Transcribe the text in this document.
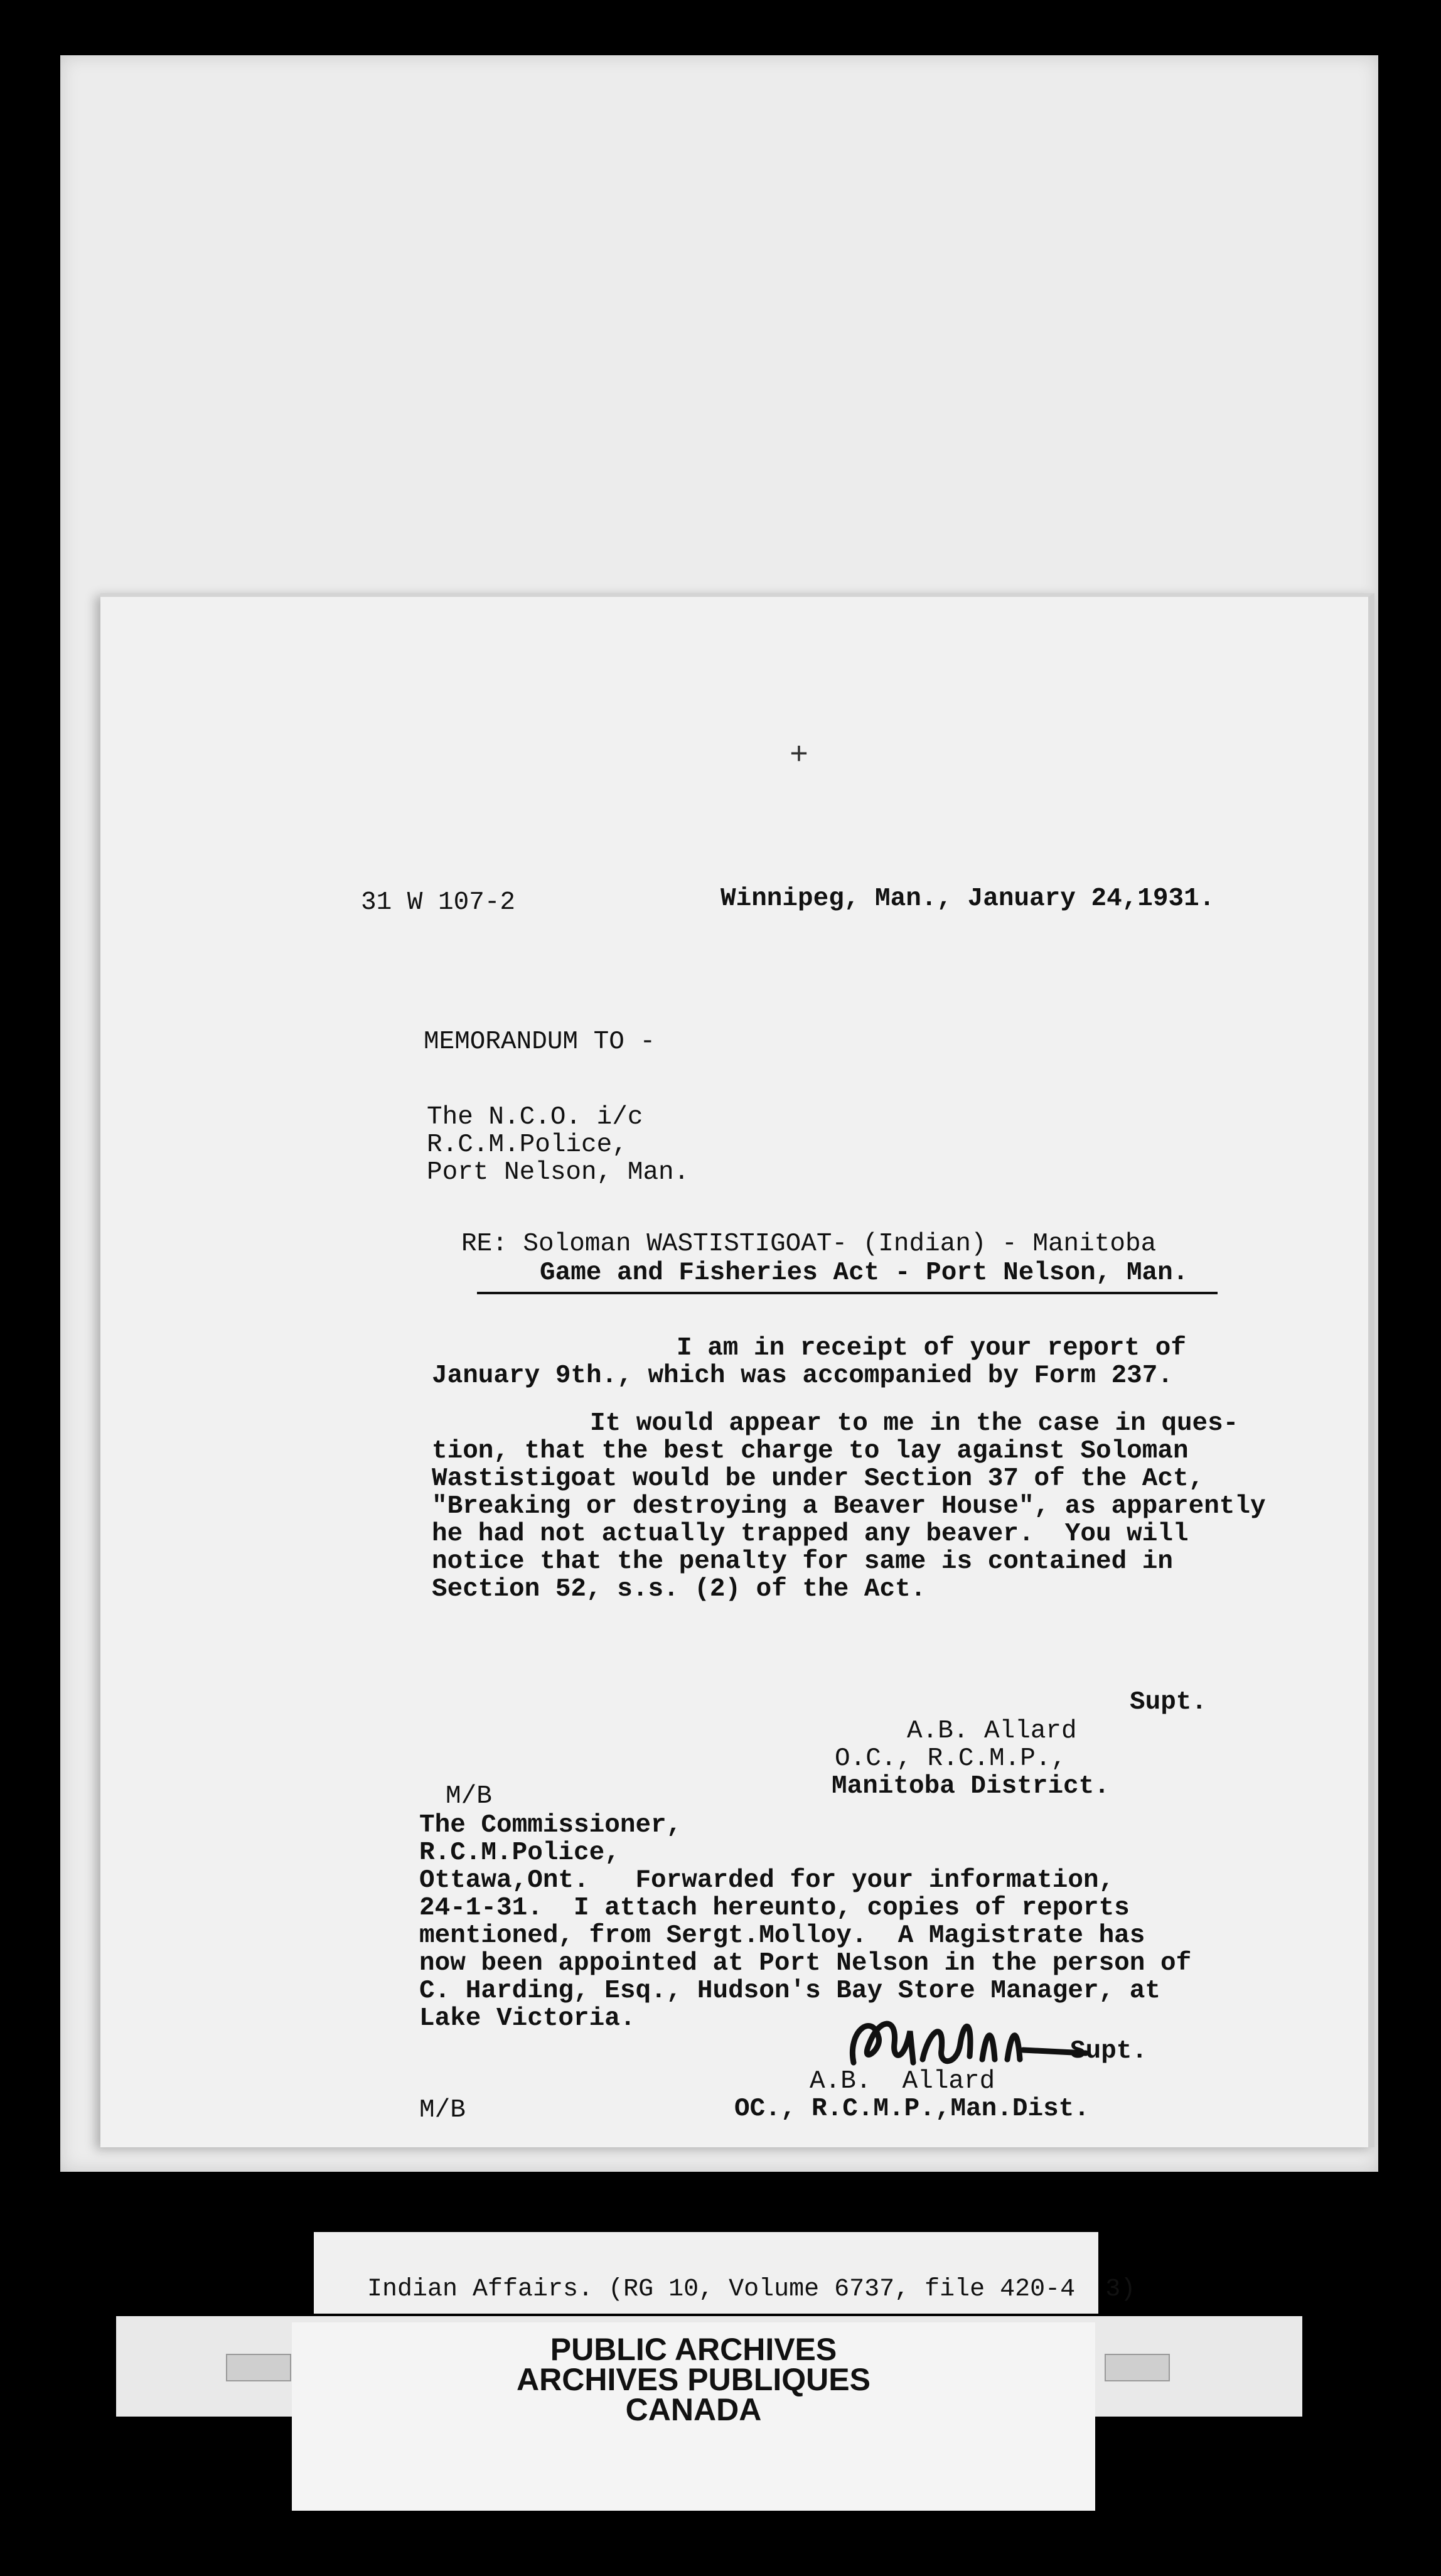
+
31 W 107-2	Winnipeg, Man., January 24,1931.
MEMORANDUM TO -
The N.C.O. i/c
R.C.M.Police,
Port Nelson, Man.
RE: Soloman WASTISTIGOAT- (Indian) - Manitoba
Game and Fisheries Act - Port Nelson, Man.
I am in receipt of your report of
January 9th., which was accompanied by Form 237.
It would appear to me in the case in ques-
tion, that the best charge to lay against Soloman
Wastistigoat would be under Section 37 of the Act,
"Breaking or destroying a Beaver House", as apparently
he had not actually trapped any beaver.  You will
notice that the penalty for same is contained in
Section 52, s.s. (2) of the Act.
Supt.
A.B. Allard
O.C., R.C.M.P.,
Manitoba District.
M/B
The Commissioner,
R.C.M.Police,
Ottawa,Ont.   Forwarded for your information,
24-1-31.  I attach hereunto, copies of reports
mentioned, from Sergt.Molloy.  A Magistrate has
now been appointed at Port Nelson in the person of
C. Harding, Esq., Hudson's Bay Store Manager, at
Lake Victoria.
Supt.
A.B.  Allard
OC., R.C.M.P.,Man.Dist.
M/B
Indian Affairs. (RG 10, Volume 6737, file 420-4  3)
PUBLIC ARCHIVES
ARCHIVES PUBLIQUES
CANADA
